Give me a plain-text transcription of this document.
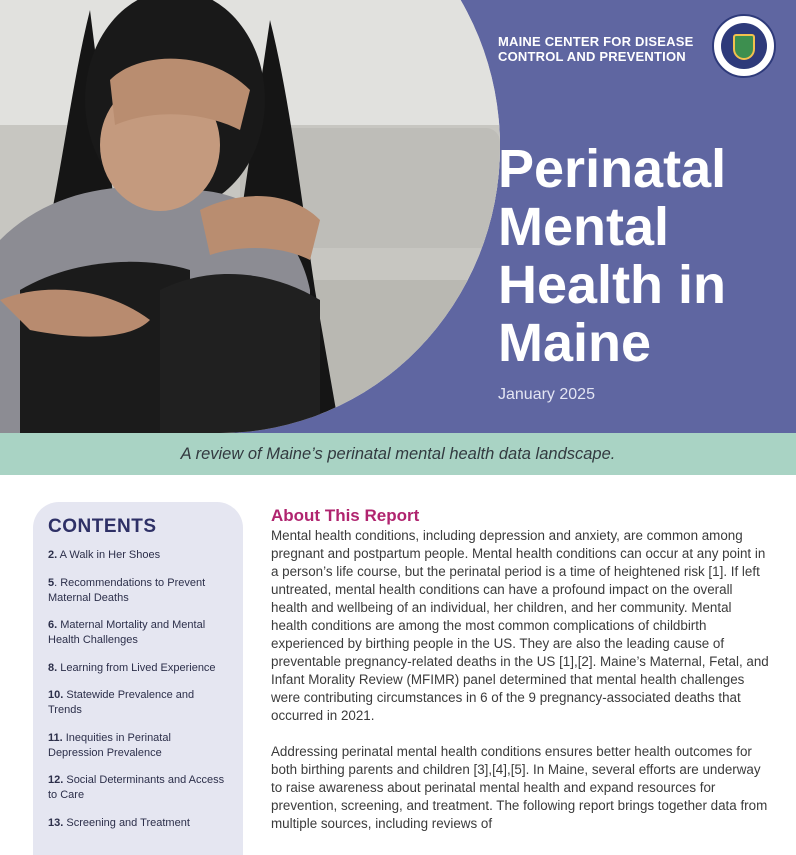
MAINE CENTER FOR DISEASE
CONTROL AND PREVENTION
Perinatal
Mental
Health in
Maine
January 2025
A review of Maine’s perinatal mental health data landscape.
CONTENTS
2. A Walk in Her Shoes
5. Recommendations to Prevent Maternal Deaths
6. Maternal Mortality and Mental Health Challenges
8. Learning from Lived Experience
10. Statewide Prevalence and Trends
11. Inequities in Perinatal Depression Prevalence
12. Social Determinants and Access to Care
13. Screening and Treatment
About This Report

Mental health conditions, including depression and anxiety, are common among pregnant and postpartum people. Mental health conditions can occur at any point in a person’s life course, but the perinatal period is a time of heightened risk [1]. If left untreated, mental health conditions can have a profound impact on the overall health and wellbeing of an individual, her children, and her community. Mental health conditions are among the most common complications of childbirth experienced by birthing people in the US. They are also the leading cause of preventable pregnancy-related deaths in the US [1],[2]. Maine’s Maternal, Fetal, and Infant Morality Review (MFIMR) panel determined that mental health challenges were contributing circumstances in 6 of the 9 pregnancy-associated deaths that occurred in 2021.

Addressing perinatal mental health conditions ensures better health outcomes for both birthing parents and children [3],[4],[5]. In Maine, several efforts are underway to raise awareness about perinatal mental health and expand resources for prevention, screening, and treatment. The following report brings together data from multiple sources, including reviews of
